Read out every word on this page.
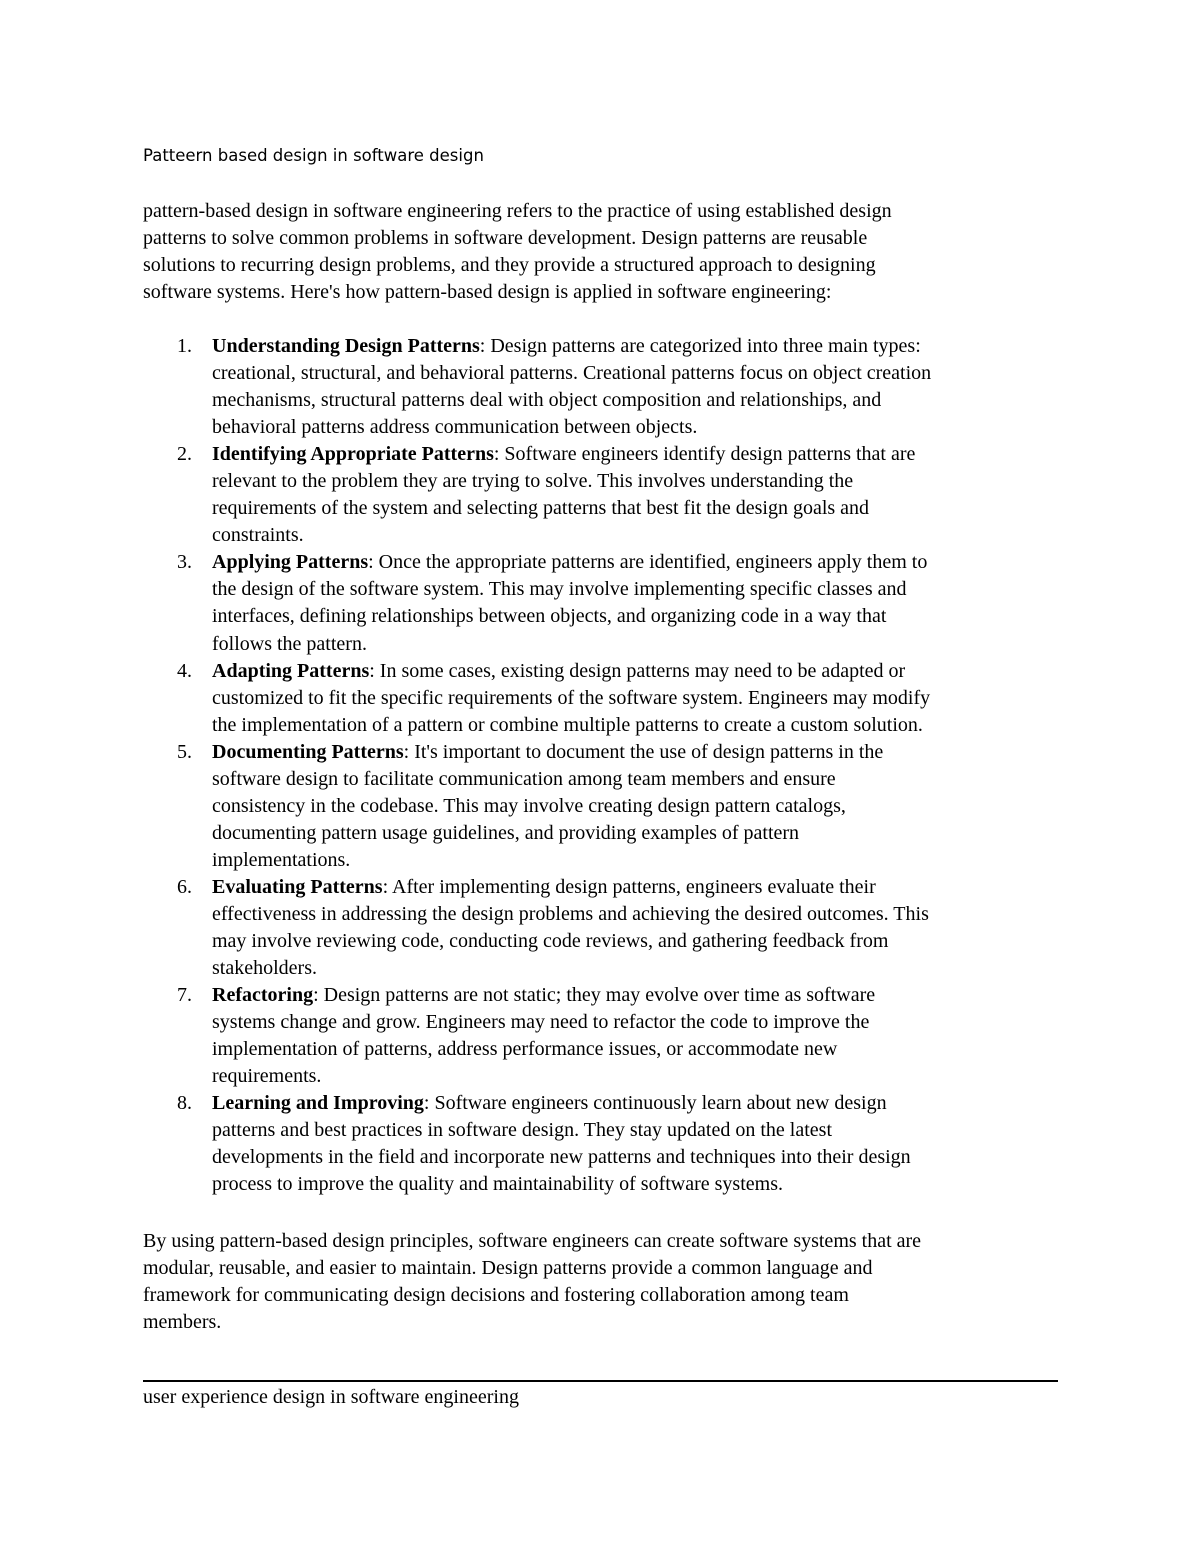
Patteern based design in software design

pattern-based design in software engineering refers to the practice of using established design
patterns to solve common problems in software development. Design patterns are reusable
solutions to recurring design problems, and they provide a structured approach to designing
software systems. Here's how pattern-based design is applied in software engineering:

1. Understanding Design Patterns: Design patterns are categorized into three main types:
creational, structural, and behavioral patterns. Creational patterns focus on object creation
mechanisms, structural patterns deal with object composition and relationships, and
behavioral patterns address communication between objects.
2. Identifying Appropriate Patterns: Software engineers identify design patterns that are
relevant to the problem they are trying to solve. This involves understanding the
requirements of the system and selecting patterns that best fit the design goals and
constraints.
3. Applying Patterns: Once the appropriate patterns are identified, engineers apply them to
the design of the software system. This may involve implementing specific classes and
interfaces, defining relationships between objects, and organizing code in a way that
follows the pattern.
4. Adapting Patterns: In some cases, existing design patterns may need to be adapted or
customized to fit the specific requirements of the software system. Engineers may modify
the implementation of a pattern or combine multiple patterns to create a custom solution.
5. Documenting Patterns: It's important to document the use of design patterns in the
software design to facilitate communication among team members and ensure
consistency in the codebase. This may involve creating design pattern catalogs,
documenting pattern usage guidelines, and providing examples of pattern
implementations.
6. Evaluating Patterns: After implementing design patterns, engineers evaluate their
effectiveness in addressing the design problems and achieving the desired outcomes. This
may involve reviewing code, conducting code reviews, and gathering feedback from
stakeholders.
7. Refactoring: Design patterns are not static; they may evolve over time as software
systems change and grow. Engineers may need to refactor the code to improve the
implementation of patterns, address performance issues, or accommodate new
requirements.
8. Learning and Improving: Software engineers continuously learn about new design
patterns and best practices in software design. They stay updated on the latest
developments in the field and incorporate new patterns and techniques into their design
process to improve the quality and maintainability of software systems.

By using pattern-based design principles, software engineers can create software systems that are
modular, reusable, and easier to maintain. Design patterns provide a common language and
framework for communicating design decisions and fostering collaboration among team
members.

user experience design in software engineering
